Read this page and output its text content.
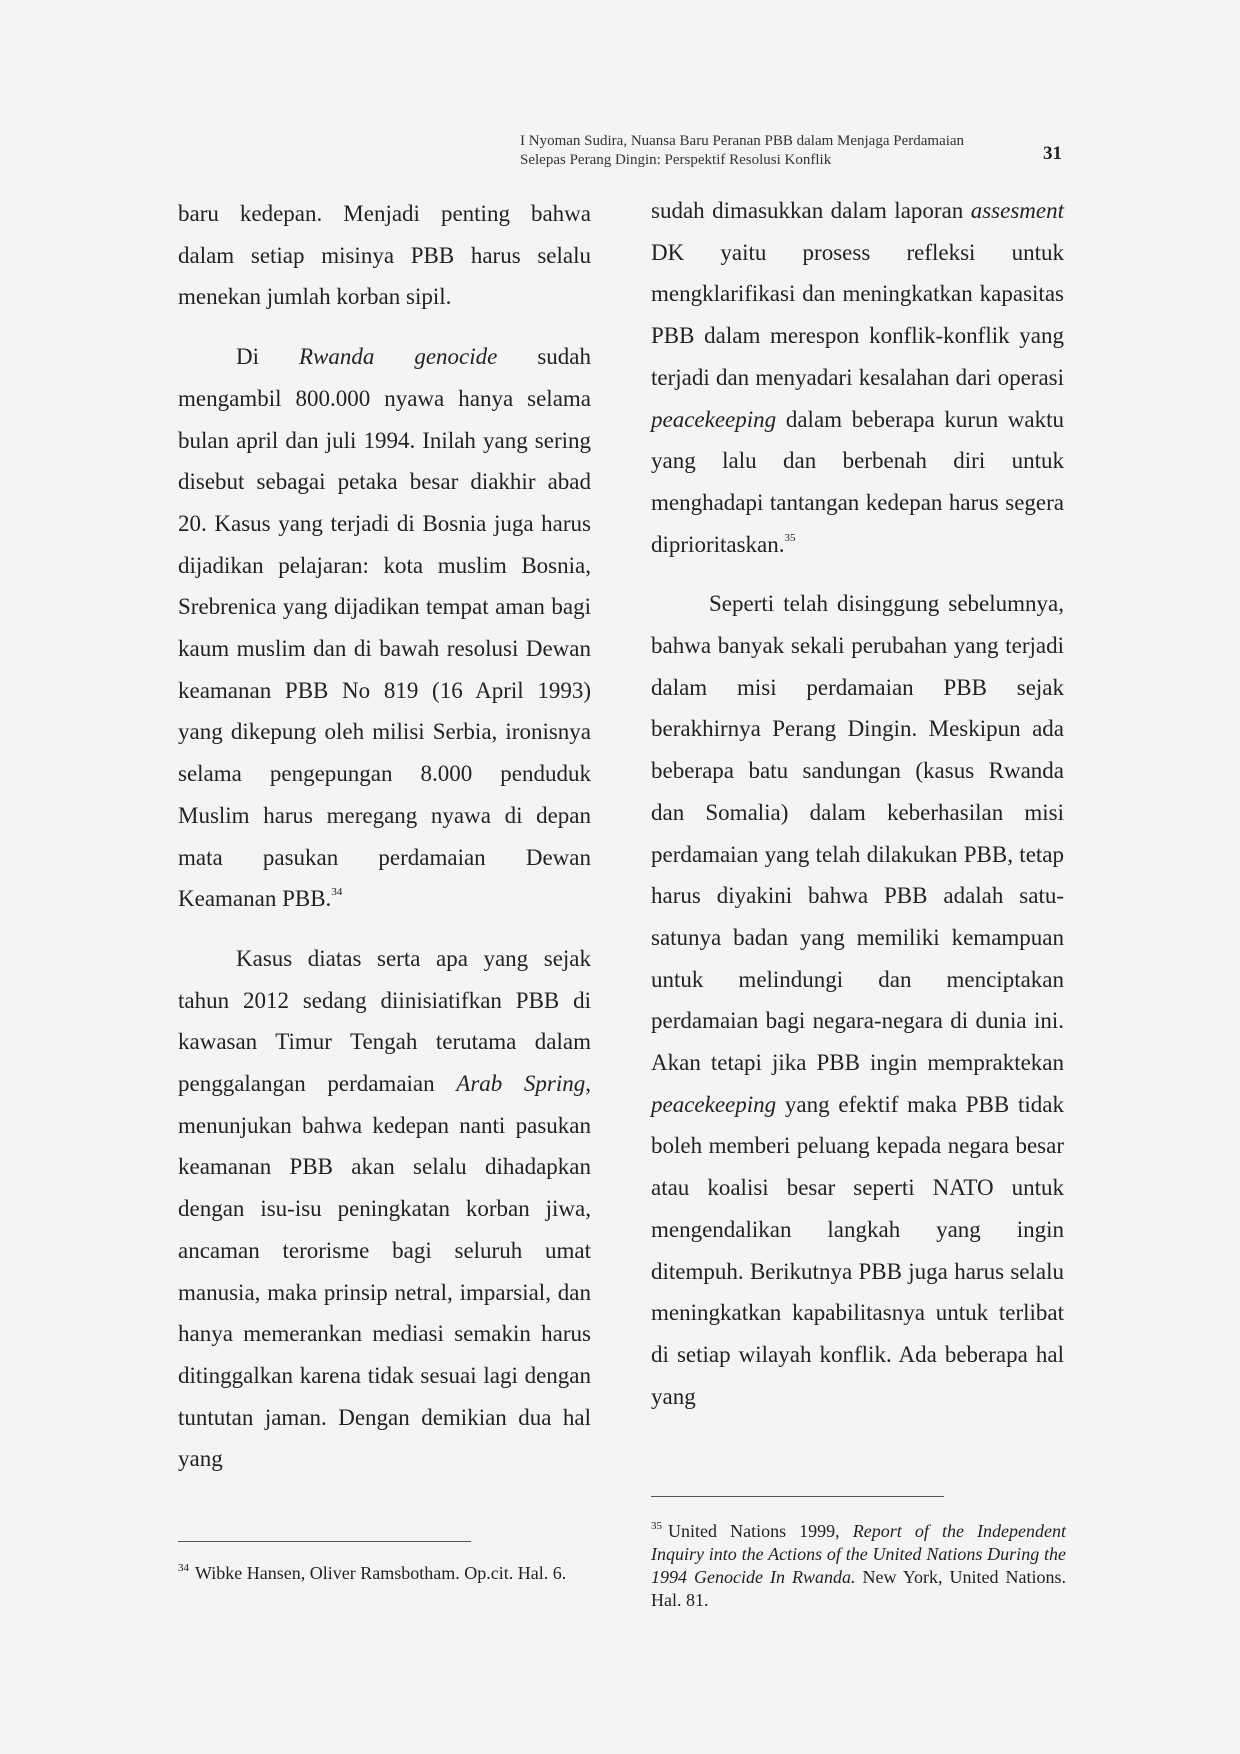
I Nyoman Sudira, Nuansa Baru Peranan PBB dalam Menjaga Perdamaian
Selepas Perang Dingin: Perspektif Resolusi Konflik	31

baru kedepan. Menjadi penting bahwa dalam setiap misinya PBB harus selalu menekan jumlah korban sipil.

Di Rwanda genocide sudah mengambil 800.000 nyawa hanya selama bulan april dan juli 1994. Inilah yang sering disebut sebagai petaka besar diakhir abad 20. Kasus yang terjadi di Bosnia juga harus dijadikan pelajaran: kota muslim Bosnia, Srebrenica yang dijadikan tempat aman bagi kaum muslim dan di bawah resolusi Dewan keamanan PBB No 819 (16 April 1993) yang dikepung oleh milisi Serbia, ironisnya selama pengepungan 8.000 penduduk Muslim harus meregang nyawa di depan mata pasukan perdamaian Dewan Keamanan PBB.$^{34}$

Kasus diatas serta apa yang sejak tahun 2012 sedang diinisiatifkan PBB di kawasan Timur Tengah terutama dalam penggalangan perdamaian Arab Spring, menunjukan bahwa kedepan nanti pasukan keamanan PBB akan selalu dihadapkan dengan isu-isu peningkatan korban jiwa, ancaman terorisme bagi seluruh umat manusia, maka prinsip netral, imparsial, dan hanya memerankan mediasi semakin harus ditinggalkan karena tidak sesuai lagi dengan tuntutan jaman. Dengan demikian dua hal yang

sudah dimasukkan dalam laporan assesment DK yaitu prosess refleksi untuk mengklarifikasi dan meningkatkan kapasitas PBB dalam merespon konflik-konflik yang terjadi dan menyadari kesalahan dari operasi peacekeeping dalam beberapa kurun waktu yang lalu dan berbenah diri untuk menghadapi tantangan kedepan harus segera diprioritaskan.$^{35}$

Seperti telah disinggung sebelumnya, bahwa banyak sekali perubahan yang terjadi dalam misi perdamaian PBB sejak berakhirnya Perang Dingin. Meskipun ada beberapa batu sandungan (kasus Rwanda dan Somalia) dalam keberhasilan misi perdamaian yang telah dilakukan PBB, tetap harus diyakini bahwa PBB adalah satu-satunya badan yang memiliki kemampuan untuk melindungi dan menciptakan perdamaian bagi negara-negara di dunia ini. Akan tetapi jika PBB ingin mempraktekan peacekeeping yang efektif maka PBB tidak boleh memberi peluang kepada negara besar atau koalisi besar seperti NATO untuk mengendalikan langkah yang ingin ditempuh. Berikutnya PBB juga harus selalu meningkatkan kapabilitasnya untuk terlibat di setiap wilayah konflik. Ada beberapa hal yang

$^{34}$ Wibke Hansen, Oliver Ramsbotham. Op.cit. Hal. 6.
$^{35}$ United Nations 1999, Report of the Independent Inquiry into the Actions of the United Nations During the 1994 Genocide In Rwanda. New York, United Nations. Hal. 81.
